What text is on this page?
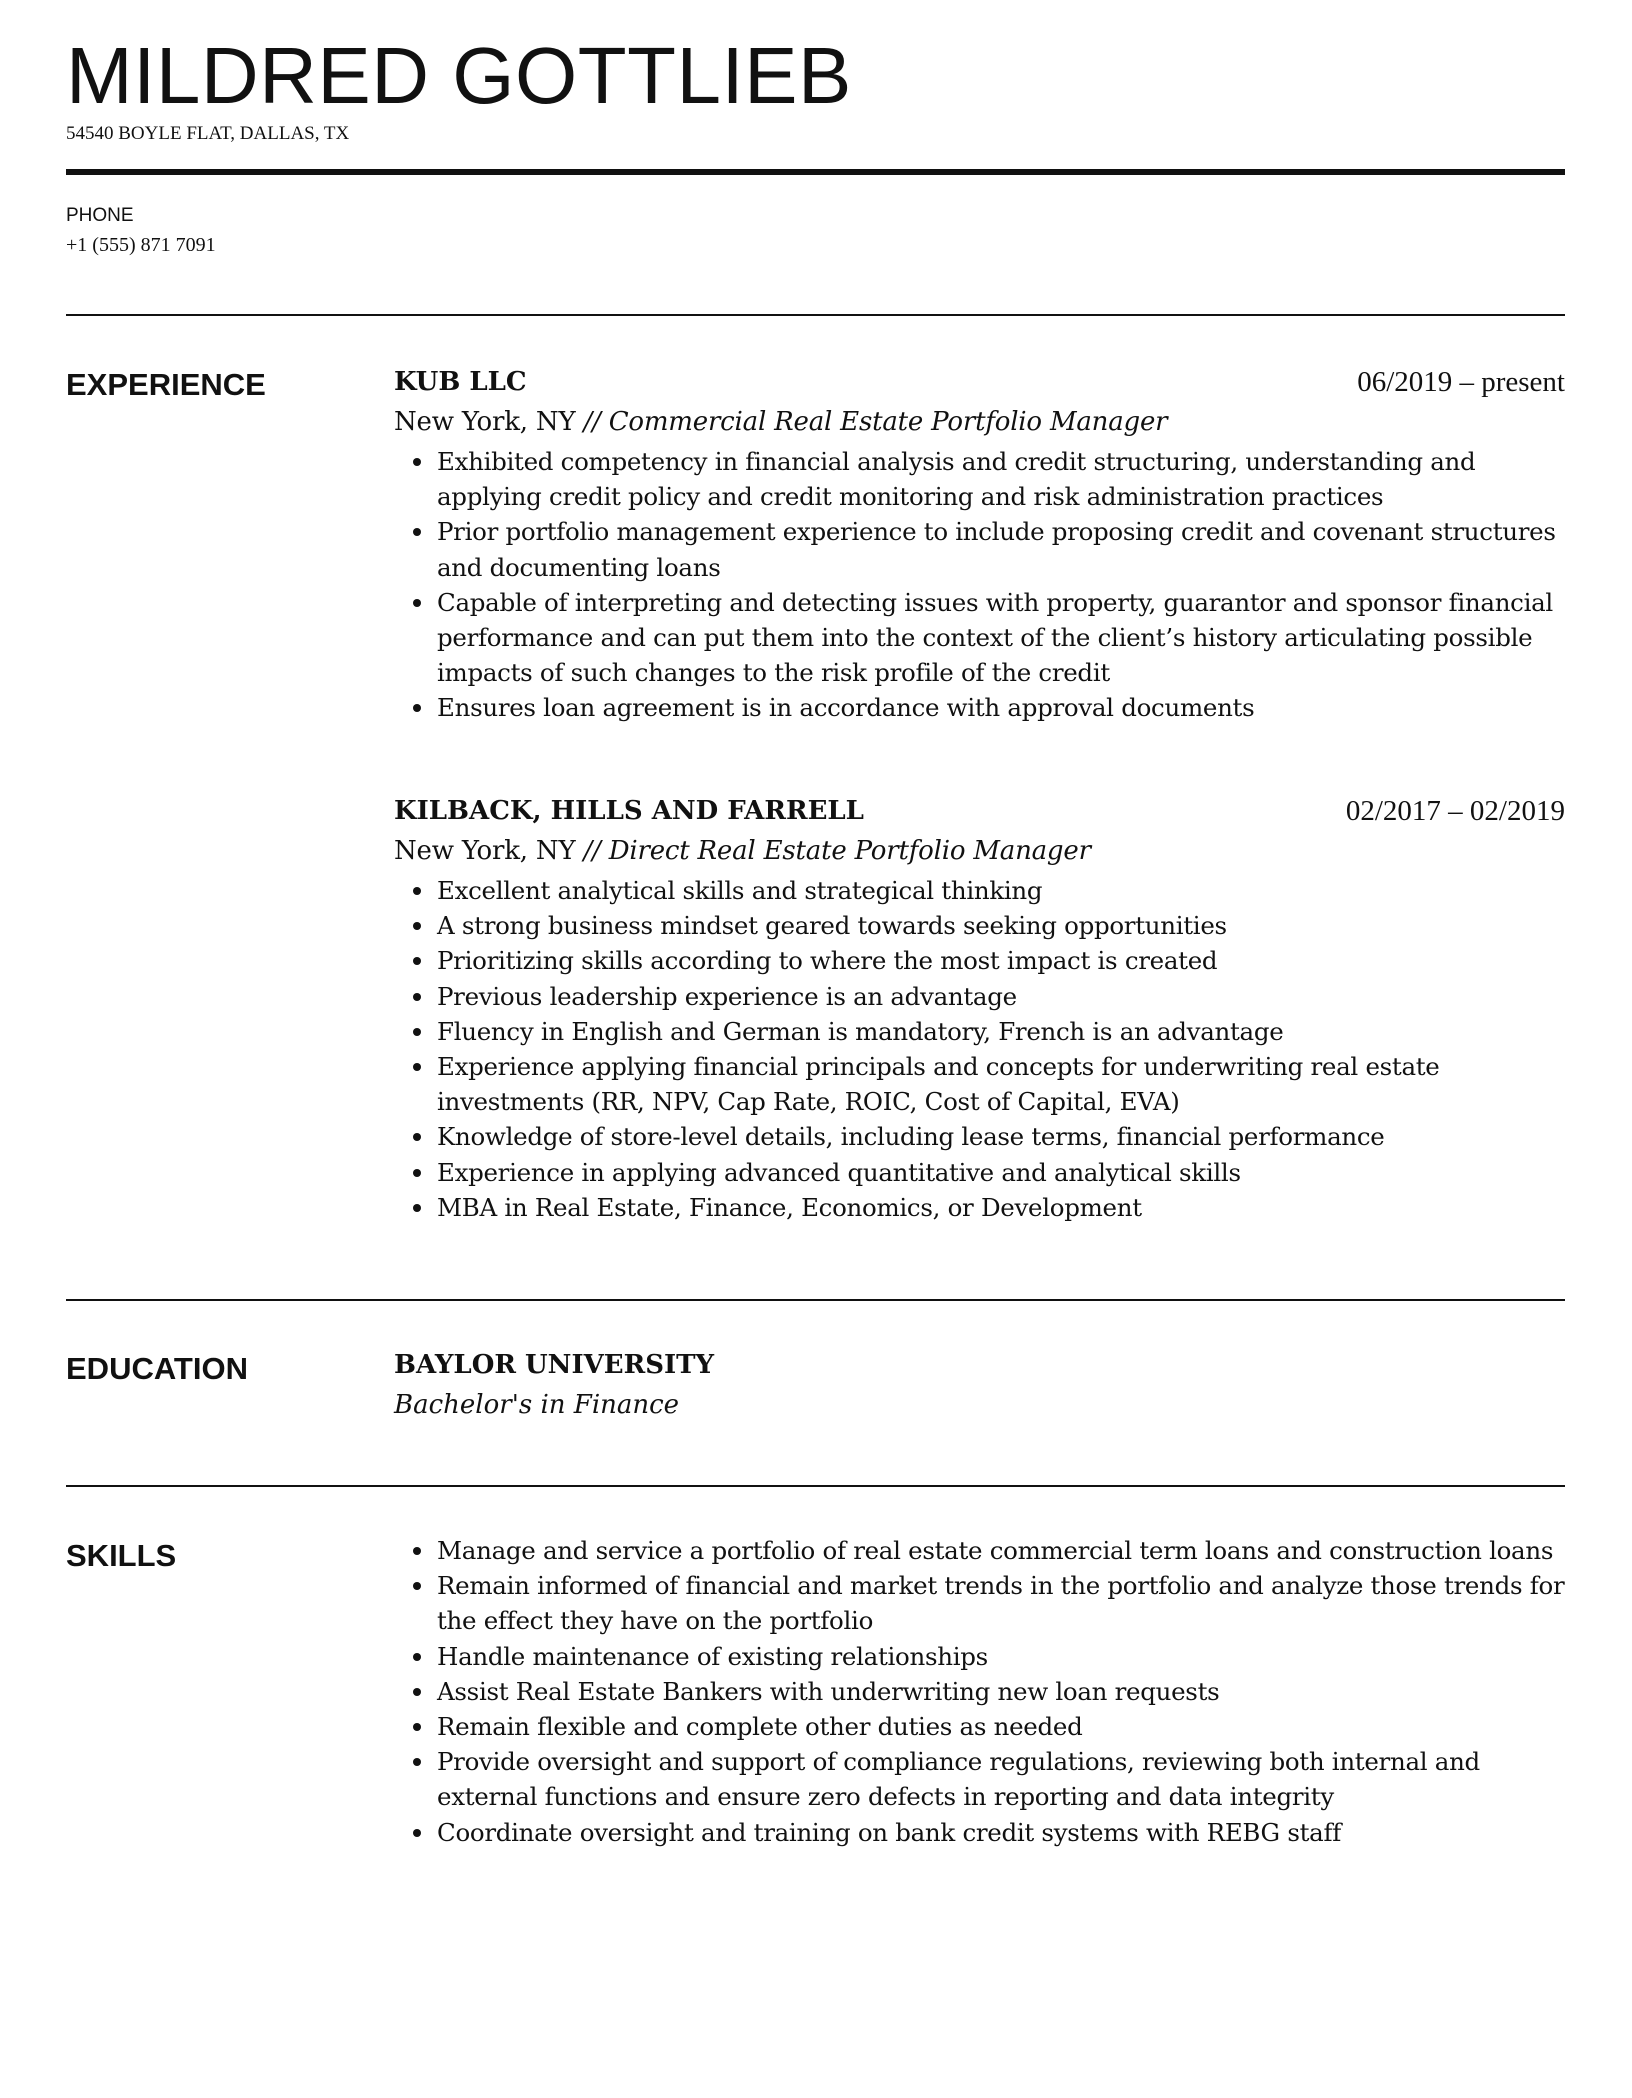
MILDRED GOTTLIEB
54540 BOYLE FLAT, DALLAS, TX
PHONE
+1 (555) 871 7091
EXPERIENCE	KUB LLC	06/2019 – present
New York, NY // Commercial Real Estate Portfolio Manager
Exhibited competency in financial analysis and credit structuring, understanding and applying credit policy and credit monitoring and risk administration practices
Prior portfolio management experience to include proposing credit and covenant structures and documenting loans
Capable of interpreting and detecting issues with property, guarantor and sponsor financial performance and can put them into the context of the client’s history articulating possible impacts of such changes to the risk profile of the credit
Ensures loan agreement is in accordance with approval documents
KILBACK, HILLS AND FARRELL	02/2017 – 02/2019
New York, NY // Direct Real Estate Portfolio Manager
Excellent analytical skills and strategical thinking
A strong business mindset geared towards seeking opportunities
Prioritizing skills according to where the most impact is created
Previous leadership experience is an advantage
Fluency in English and German is mandatory, French is an advantage
Experience applying financial principals and concepts for underwriting real estate investments (RR, NPV, Cap Rate, ROIC, Cost of Capital, EVA)
Knowledge of store-level details, including lease terms, financial performance
Experience in applying advanced quantitative and analytical skills
MBA in Real Estate, Finance, Economics, or Development
EDUCATION	BAYLOR UNIVERSITY
Bachelor's in Finance
SKILLS	Manage and service a portfolio of real estate commercial term loans and construction loans
Remain informed of financial and market trends in the portfolio and analyze those trends for the effect they have on the portfolio
Handle maintenance of existing relationships
Assist Real Estate Bankers with underwriting new loan requests
Remain flexible and complete other duties as needed
Provide oversight and support of compliance regulations, reviewing both internal and external functions and ensure zero defects in reporting and data integrity
Coordinate oversight and training on bank credit systems with REBG staff
